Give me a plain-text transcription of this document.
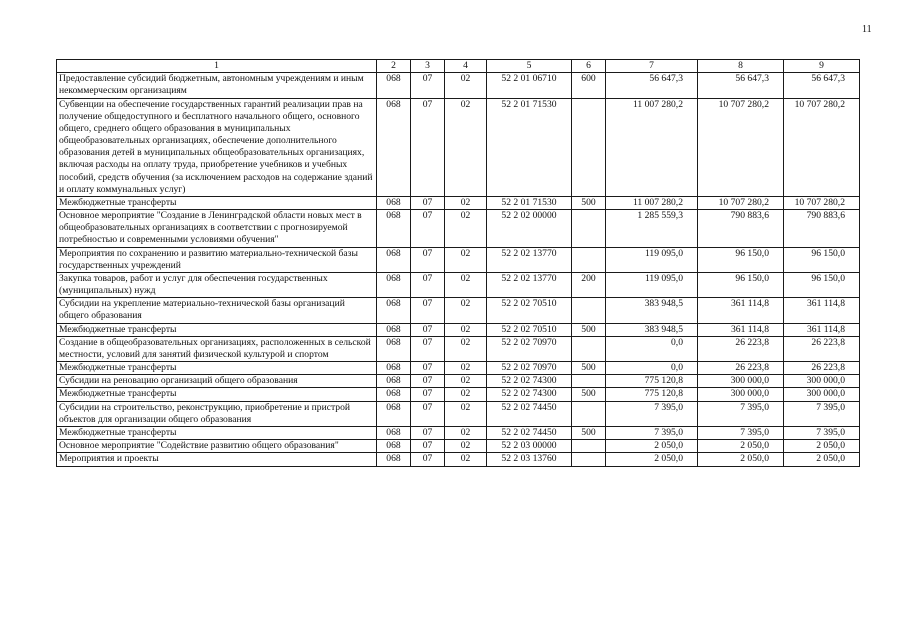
11
1	2	3	4	5	6	7	8	9
Предоставление субсидий бюджетным, автономным учреждениям и иным некоммерческим организациям	068	07	02	52 2 01 06710	600	56 647,3	56 647,3	56 647,3
Субвенции на обеспечение государственных гарантий реализации прав на получение общедоступного и бесплатного начального общего, основного общего, среднего общего образования в муниципальных общеобразовательных организациях, обеспечение дополнительного образования детей в муниципальных общеобразовательных организациях, включая расходы на оплату труда, приобретение учебников и учебных пособий, средств обучения (за исключением расходов на содержание зданий и оплату коммунальных услуг)	068	07	02	52 2 01 71530		11 007 280,2	10 707 280,2	10 707 280,2
Межбюджетные трансферты	068	07	02	52 2 01 71530	500	11 007 280,2	10 707 280,2	10 707 280,2
Основное мероприятие "Создание в Ленинградской области новых мест в общеобразовательных организациях в соответствии с прогнозируемой потребностью и современными условиями обучения"	068	07	02	52 2 02 00000		1 285 559,3	790 883,6	790 883,6
Мероприятия по сохранению и развитию материально-технической базы государственных учреждений	068	07	02	52 2 02 13770		119 095,0	96 150,0	96 150,0
Закупка товаров, работ и услуг для обеспечения государственных (муниципальных) нужд	068	07	02	52 2 02 13770	200	119 095,0	96 150,0	96 150,0
Субсидии на укрепление материально-технической базы организаций общего образования	068	07	02	52 2 02 70510		383 948,5	361 114,8	361 114,8
Межбюджетные трансферты	068	07	02	52 2 02 70510	500	383 948,5	361 114,8	361 114,8
Создание в общеобразовательных организациях, расположенных в сельской местности, условий для занятий физической культурой и спортом	068	07	02	52 2 02 70970		0,0	26 223,8	26 223,8
Межбюджетные трансферты	068	07	02	52 2 02 70970	500	0,0	26 223,8	26 223,8
Субсидии на реновацию организаций общего образования	068	07	02	52 2 02 74300		775 120,8	300 000,0	300 000,0
Межбюджетные трансферты	068	07	02	52 2 02 74300	500	775 120,8	300 000,0	300 000,0
Субсидии на строительство, реконструкцию, приобретение и пристрой объектов для организации общего образования	068	07	02	52 2 02 74450		7 395,0	7 395,0	7 395,0
Межбюджетные трансферты	068	07	02	52 2 02 74450	500	7 395,0	7 395,0	7 395,0
Основное мероприятие "Содействие развитию общего образования"	068	07	02	52 2 03 00000		2 050,0	2 050,0	2 050,0
Мероприятия и проекты	068	07	02	52 2 03 13760		2 050,0	2 050,0	2 050,0
